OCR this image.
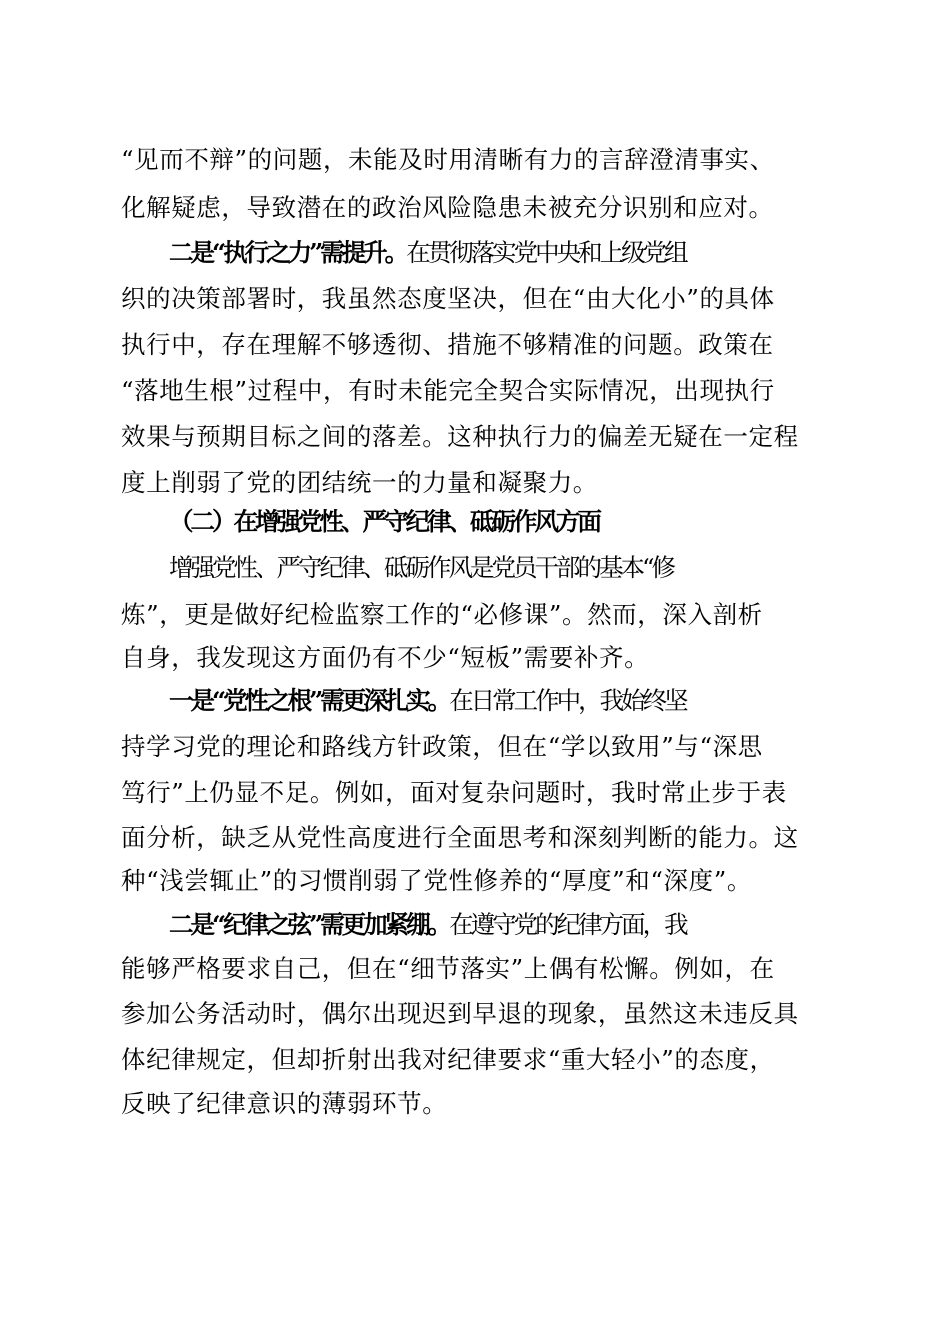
“见而不辩”的问题，未能及时用清晰有力的言辞澄清事实、
化解疑虑，导致潜在的政治风险隐患未被充分识别和应对。
二是“执行之力”需提升。在贯彻落实党中央和上级党组
织的决策部署时，我虽然态度坚决，但在“由大化小”的具体
执行中，存在理解不够透彻、措施不够精准的问题。政策在
“落地生根”过程中，有时未能完全契合实际情况，出现执行
效果与预期目标之间的落差。这种执行力的偏差无疑在一定程
度上削弱了党的团结统一的力量和凝聚力。
（二）在增强党性、严守纪律、砥砺作风方面
增强党性、严守纪律、砥砺作风是党员干部的基本“修
炼”，更是做好纪检监察工作的“必修课”。然而，深入剖析
自身，我发现这方面仍有不少“短板”需要补齐。
一是“党性之根”需更深扎实。在日常工作中，我始终坚
持学习党的理论和路线方针政策，但在“学以致用”与“深思
笃行”上仍显不足。例如，面对复杂问题时，我时常止步于表
面分析，缺乏从党性高度进行全面思考和深刻判断的能力。这
种“浅尝辄止”的习惯削弱了党性修养的“厚度”和“深度”。
二是“纪律之弦”需更加紧绷。在遵守党的纪律方面，我
能够严格要求自己，但在“细节落实”上偶有松懈。例如，在
参加公务活动时，偶尔出现迟到早退的现象，虽然这未违反具
体纪律规定，但却折射出我对纪律要求“重大轻小”的态度，
反映了纪律意识的薄弱环节。
